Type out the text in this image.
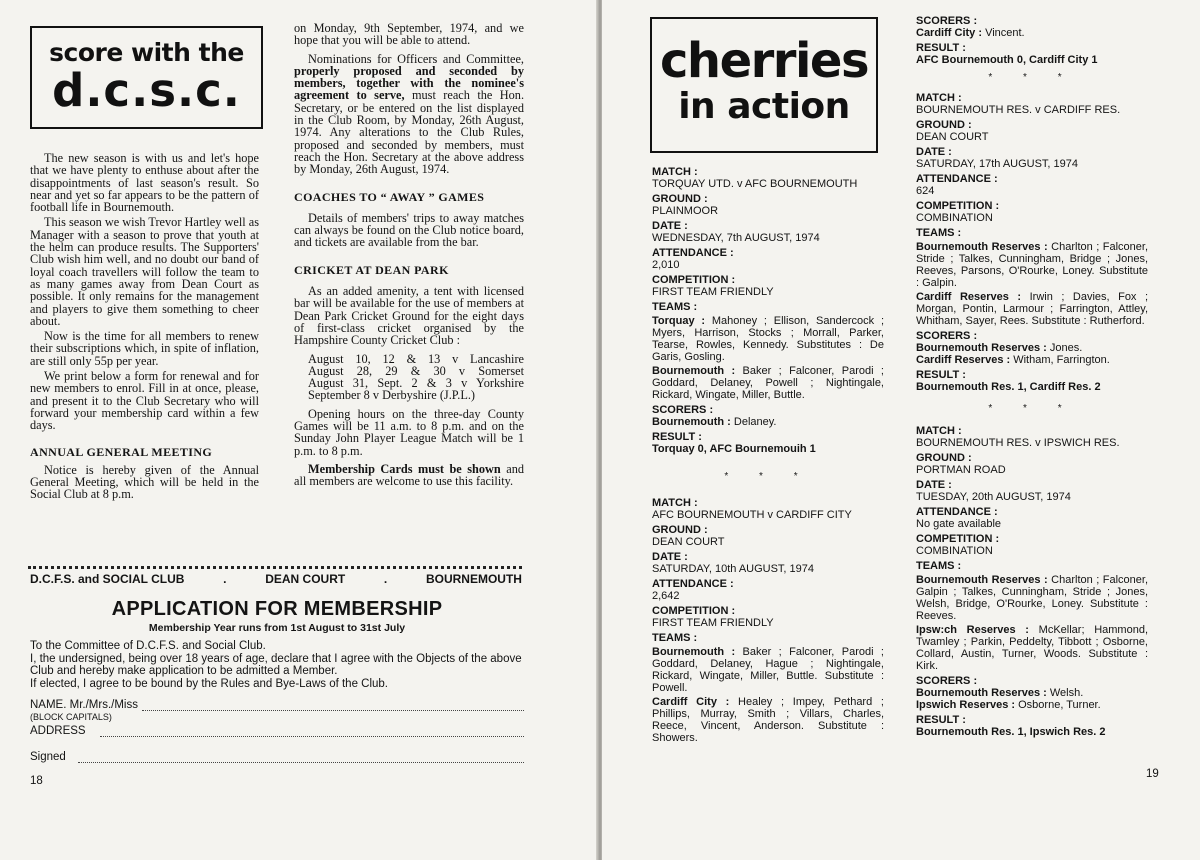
score with the
d.c.s.c.

The new season is with us and let's hope that we have plenty to enthuse about after the disappointments of last season's result. So near and yet so far appears to be the pattern of football life in Bournemouth.

This season we wish Trevor Hartley well as Manager with a season to prove that youth at the helm can produce results. The Supporters' Club wish him well, and no doubt our band of loyal coach travellers will follow the team to as many games away from Dean Court as possible. It only remains for the management and players to give them something to cheer about.

Now is the time for all members to renew their subscriptions which, in spite of inflation, are still only 55p per year.

We print below a form for renewal and for new members to enrol. Fill in at once, please, and present it to the Club Secretary who will forward your membership card within a few days.

ANNUAL GENERAL MEETING

Notice is hereby given of the Annual General Meeting, which will be held in the Social Club at 8 p.m.

on Monday, 9th September, 1974, and we hope that you will be able to attend.

Nominations for Officers and Committee, properly proposed and seconded by members, together with the nominee's agreement to serve, must reach the Hon. Secretary, or be entered on the list displayed in the Club Room, by Monday, 26th August, 1974. Any alterations to the Club Rules, proposed and seconded by members, must reach the Hon. Secretary at the above address by Monday, 26th August, 1974.

COACHES TO “ AWAY ” GAMES

Details of members' trips to away matches can always be found on the Club notice board, and tickets are available from the bar.

CRICKET AT DEAN PARK

As an added amenity, a tent with licensed bar will be available for the use of members at Dean Park Cricket Ground for the eight days of first-class cricket organised by the Hampshire County Cricket Club :

August 10, 12 & 13 v Lancashire
August 28, 29 & 30 v Somerset
August 31, Sept. 2 & 3 v Yorkshire
September 8 v Derbyshire (J.P.L.)

Opening hours on the three-day County Games will be 11 a.m. to 8 p.m. and on the Sunday John Player League Match will be 1 p.m. to 8 p.m.

Membership Cards must be shown and all members are welcome to use this facility.

D.C.F.S. and SOCIAL CLUB	.	DEAN COURT	.	BOURNEMOUTH
APPLICATION FOR MEMBERSHIP
Membership Year runs from 1st August to 31st July
To the Committee of D.C.F.S. and Social Club.
I, the undersigned, being over 18 years of age, declare that I agree with the Objects of the above Club and hereby make application to be admitted a Member.
If elected, I agree to be bound by the Rules and Bye-Laws of the Club.
NAME. Mr./Mrs./Miss
(BLOCK CAPITALS)
ADDRESS
Signed
18
cherries
in action
MATCH :
TORQUAY UTD. v AFC BOURNEMOUTH
GROUND :
PLAINMOOR
DATE :
WEDNESDAY, 7th AUGUST, 1974
ATTENDANCE :
2,010
COMPETITION :
FIRST TEAM FRIENDLY
TEAMS :
Torquay : Mahoney ; Ellison, Sandercock ; Myers, Harrison, Stocks ; Morrall, Parker, Tearse, Rowles, Kennedy. Substitutes : De Garis, Gosling.
Bournemouth : Baker ; Falconer, Parodi ; Goddard, Delaney, Powell ; Nightingale, Rickard, Wingate, Miller, Buttle.
SCORERS :
Bournemouth : Delaney.
RESULT :
Torquay 0, AFC Bournemouih 1
* * *
MATCH :
AFC BOURNEMOUTH v CARDIFF CITY
GROUND :
DEAN COURT
DATE :
SATURDAY, 10th AUGUST, 1974
ATTENDANCE :
2,642
COMPETITION :
FIRST TEAM FRIENDLY
TEAMS :
Bournemouth : Baker ; Falconer, Parodi ; Goddard, Delaney, Hague ; Nightingale, Rickard, Wingate, Miller, Buttle. Substitute : Powell.
Cardiff City : Healey ; Impey, Pethard ; Phillips, Murray, Smith ; Villars, Charles, Reece, Vincent, Anderson. Substitute : Showers.
SCORERS :
Cardiff City : Vincent.
RESULT :
AFC Bournemouth 0, Cardiff City 1
* * *
MATCH :
BOURNEMOUTH RES. v CARDIFF RES.
GROUND :
DEAN COURT
DATE :
SATURDAY, 17th AUGUST, 1974
ATTENDANCE :
624
COMPETITION :
COMBINATION
TEAMS :
Bournemouth Reserves : Charlton ; Falconer, Stride ; Talkes, Cunningham, Bridge ; Jones, Reeves, Parsons, O'Rourke, Loney. Substitute : Galpin.
Cardiff Reserves : Irwin ; Davies, Fox ; Morgan, Pontin, Larmour ; Farrington, Attley, Whitham, Sayer, Rees. Substitute : Rutherford.
SCORERS :
Bournemouth Reserves : Jones.
Cardiff Reserves : Witham, Farrington.
RESULT :
Bournemouth Res. 1, Cardiff Res. 2
* * *
MATCH :
BOURNEMOUTH RES. v IPSWICH RES.
GROUND :
PORTMAN ROAD
DATE :
TUESDAY, 20th AUGUST, 1974
ATTENDANCE :
No gate available
COMPETITION :
COMBINATION
TEAMS :
Bournemouth Reserves : Charlton ; Falconer, Galpin ; Talkes, Cunningham, Stride ; Jones, Welsh, Bridge, O'Rourke, Loney. Substitute : Reeves.
Ipsw:ch Reserves : McKellar; Hammond, Twamley ; Parkin, Peddelty, Tibbott ; Osborne, Collard, Austin, Turner, Woods. Substitute : Kirk.
SCORERS :
Bournemouth Reserves : Welsh.
Ipswich Reserves : Osborne, Turner.
RESULT :
Bournemouth Res. 1, Ipswich Res. 2
19
